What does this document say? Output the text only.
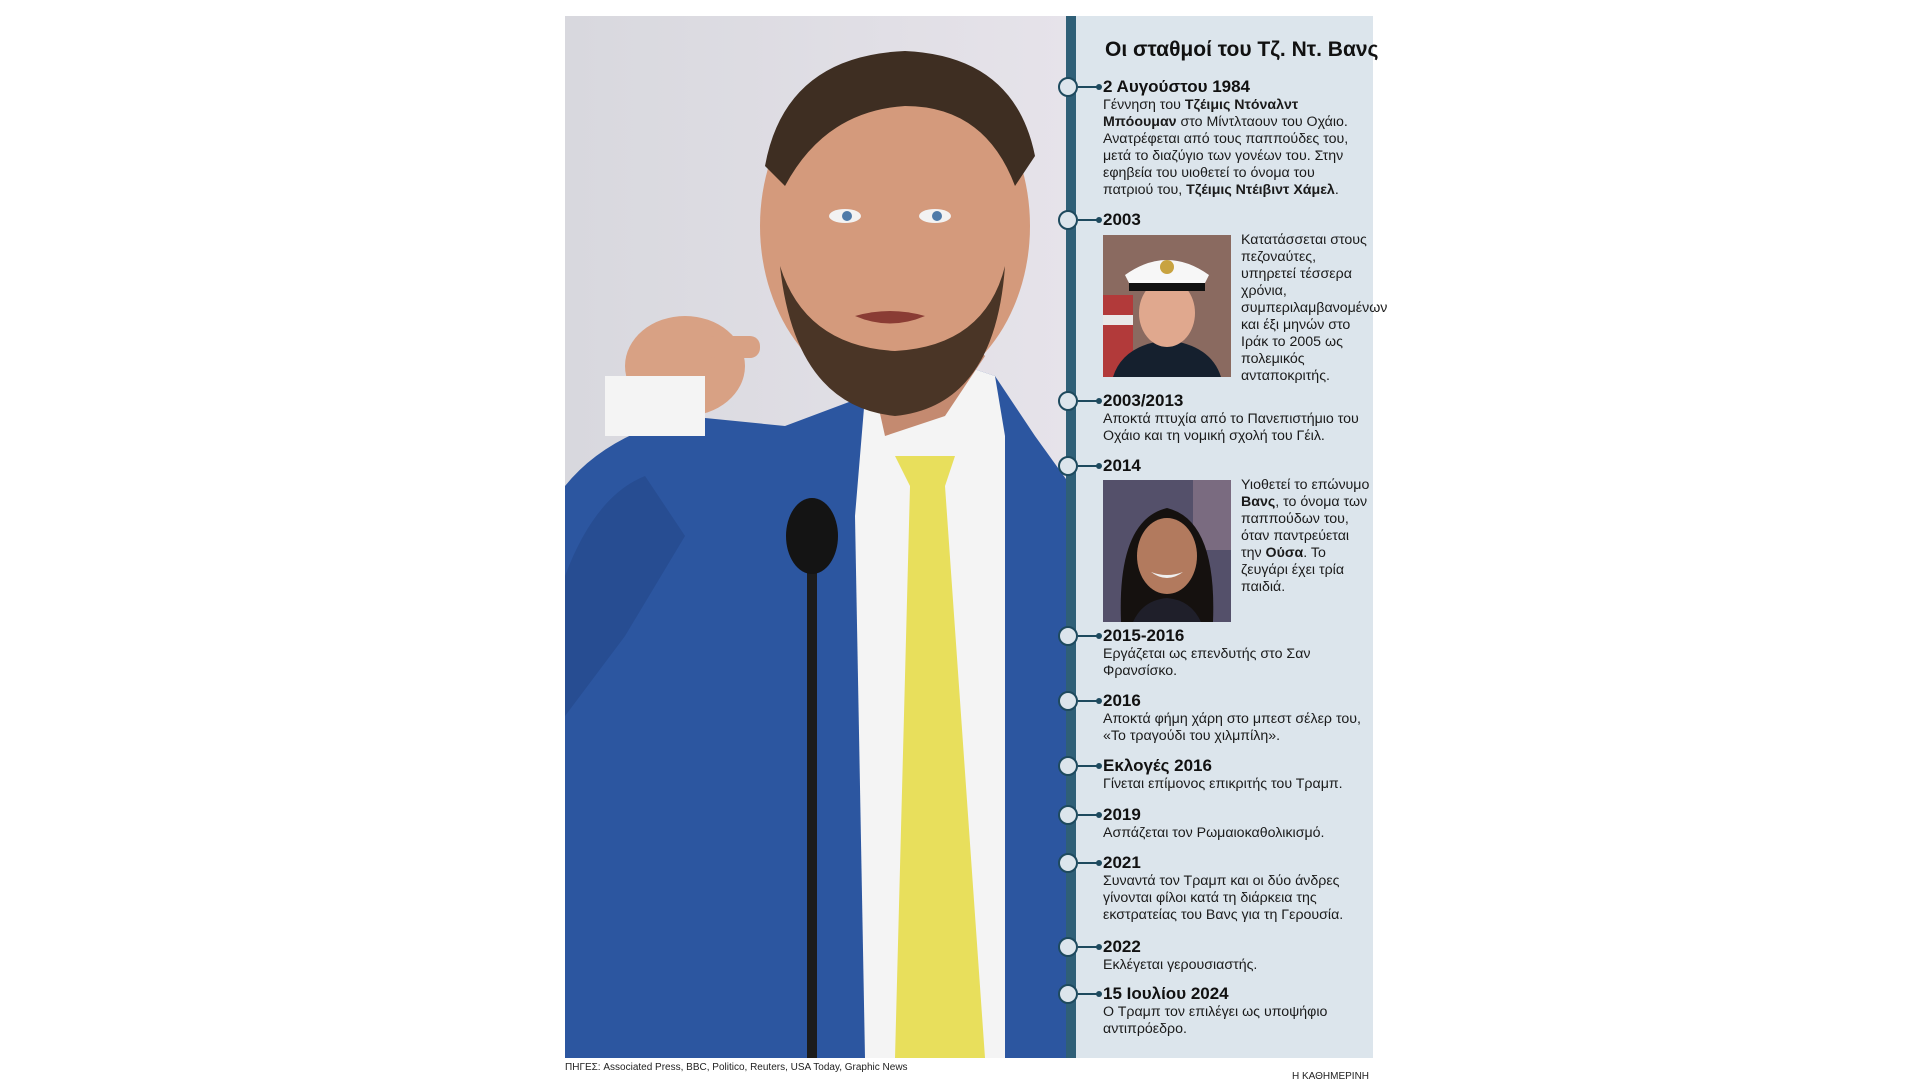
Οι σταθμοί του Τζ. Ντ. Βανς
2 Αυγούστου 1984
Γέννηση του Τζέιμις Ντόναλντ Μπόουμαν στο Μίντλταουν του Οχάιο. Ανατρέφεται από τους παππούδες του, μετά το διαζύγιο των γονέων του. Στην εφηβεία του υιοθετεί το όνομα του πατριού του, Τζέιμις Ντέιβιντ Χάμελ.
2003
Κατατάσσεται στους πεζοναύτες, υπηρετεί τέσσερα χρόνια, συμπεριλαμβανομένων και έξι μηνών στο Ιράκ το 2005 ως πολεμικός ανταποκριτής.
2003/2013
Αποκτά πτυχία από το Πανεπιστήμιο του Οχάιο και τη νομική σχολή του Γέιλ.
2014
Υιοθετεί το επώνυμο Βανς, το όνομα των παππούδων του, όταν παντρεύεται την Ούσα. Το ζευγάρι έχει τρία παιδιά.
2015-2016
Εργάζεται ως επενδυτής στο Σαν Φρανσίσκο.
2016
Αποκτά φήμη χάρη στο μπεστ σέλερ του, «Το τραγούδι του χιλμπίλη».
Εκλογές 2016
Γίνεται επίμονος επικριτής του Τραμπ.
2019
Ασπάζεται τον Ρωμαιοκαθολικισμό.
2021
Συναντά τον Τραμπ και οι δύο άνδρες γίνονται φίλοι κατά τη διάρκεια της εκστρατείας του Βανς για τη Γερουσία.
2022
Εκλέγεται γερουσιαστής.
15 Ιουλίου 2024
Ο Τραμπ τον επιλέγει ως υποψήφιο αντιπρόεδρο.
ΠΗΓΕΣ: Associated Press, BBC, Politico, Reuters, USA Today, Graphic News
Η ΚΑΘΗΜΕΡΙΝΗ
